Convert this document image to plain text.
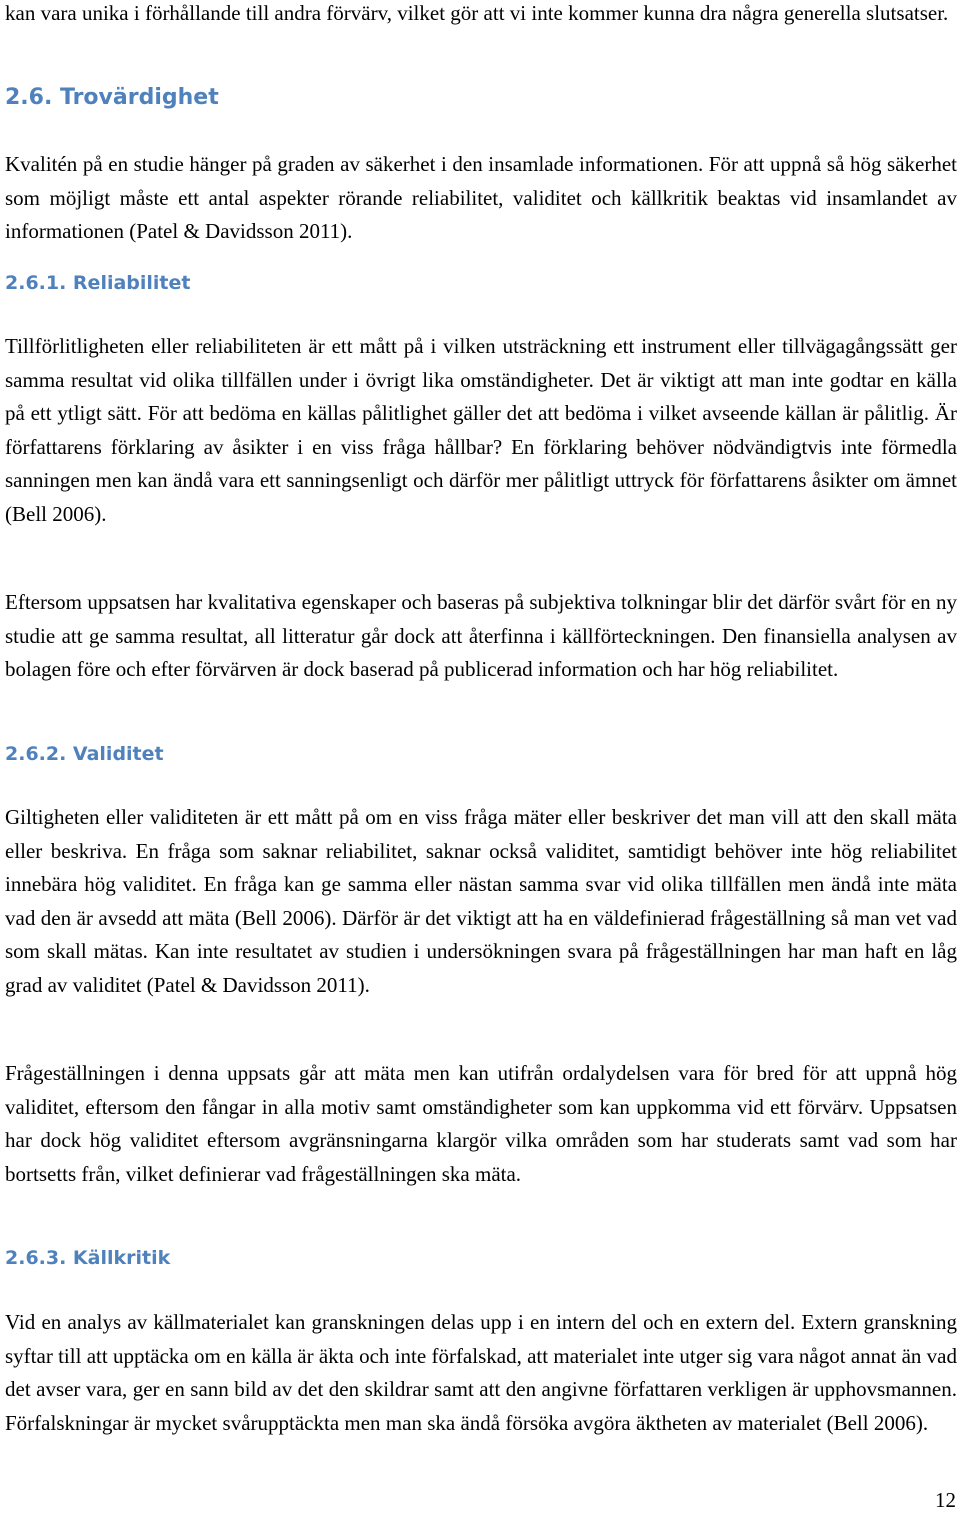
kan vara unika i förhållande till andra förvärv, vilket gör att vi inte kommer kunna dra några generella slutsatser.

2.6. Trovärdighet

Kvalitén på en studie hänger på graden av säkerhet i den insamlade informationen. För att uppnå så hög säkerhet som möjligt måste ett antal aspekter rörande reliabilitet, validitet och källkritik beaktas vid insamlandet av informationen (Patel & Davidsson 2011).

2.6.1. Reliabilitet

Tillförlitligheten eller reliabiliteten är ett mått på i vilken utsträckning ett instrument eller tillvägagångssätt ger samma resultat vid olika tillfällen under i övrigt lika omständigheter. Det är viktigt att man inte godtar en källa på ett ytligt sätt. För att bedöma en källas pålitlighet gäller det att bedöma i vilket avseende källan är pålitlig. Är författarens förklaring av åsikter i en viss fråga hållbar? En förklaring behöver nödvändigtvis inte förmedla sanningen men kan ändå vara ett sanningsenligt och därför mer pålitligt uttryck för författarens åsikter om ämnet (Bell 2006).

Eftersom uppsatsen har kvalitativa egenskaper och baseras på subjektiva tolkningar blir det därför svårt för en ny studie att ge samma resultat, all litteratur går dock att återfinna i källförteckningen. Den finansiella analysen av bolagen före och efter förvärven är dock baserad på publicerad information och har hög reliabilitet.

2.6.2. Validitet

Giltigheten eller validiteten är ett mått på om en viss fråga mäter eller beskriver det man vill att den skall mäta eller beskriva. En fråga som saknar reliabilitet, saknar också validitet, samtidigt behöver inte hög reliabilitet innebära hög validitet. En fråga kan ge samma eller nästan samma svar vid olika tillfällen men ändå inte mäta vad den är avsedd att mäta (Bell 2006). Därför är det viktigt att ha en väldefinierad frågeställning så man vet vad som skall mätas. Kan inte resultatet av studien i undersökningen svara på frågeställningen har man haft en låg grad av validitet (Patel & Davidsson 2011).

Frågeställningen i denna uppsats går att mäta men kan utifrån ordalydelsen vara för bred för att uppnå hög validitet, eftersom den fångar in alla motiv samt omständigheter som kan uppkomma vid ett förvärv. Uppsatsen har dock hög validitet eftersom avgränsningarna klargör vilka områden som har studerats samt vad som har bortsetts från, vilket definierar vad frågeställningen ska mäta.

2.6.3. Källkritik

Vid en analys av källmaterialet kan granskningen delas upp i en intern del och en extern del. Extern granskning syftar till att upptäcka om en källa är äkta och inte förfalskad, att materialet inte utger sig vara något annat än vad det avser vara, ger en sann bild av det den skildrar samt att den angivne författaren verkligen är upphovsmannen. Förfalskningar är mycket svårupptäckta men man ska ändå försöka avgöra äktheten av materialet (Bell 2006).

12
